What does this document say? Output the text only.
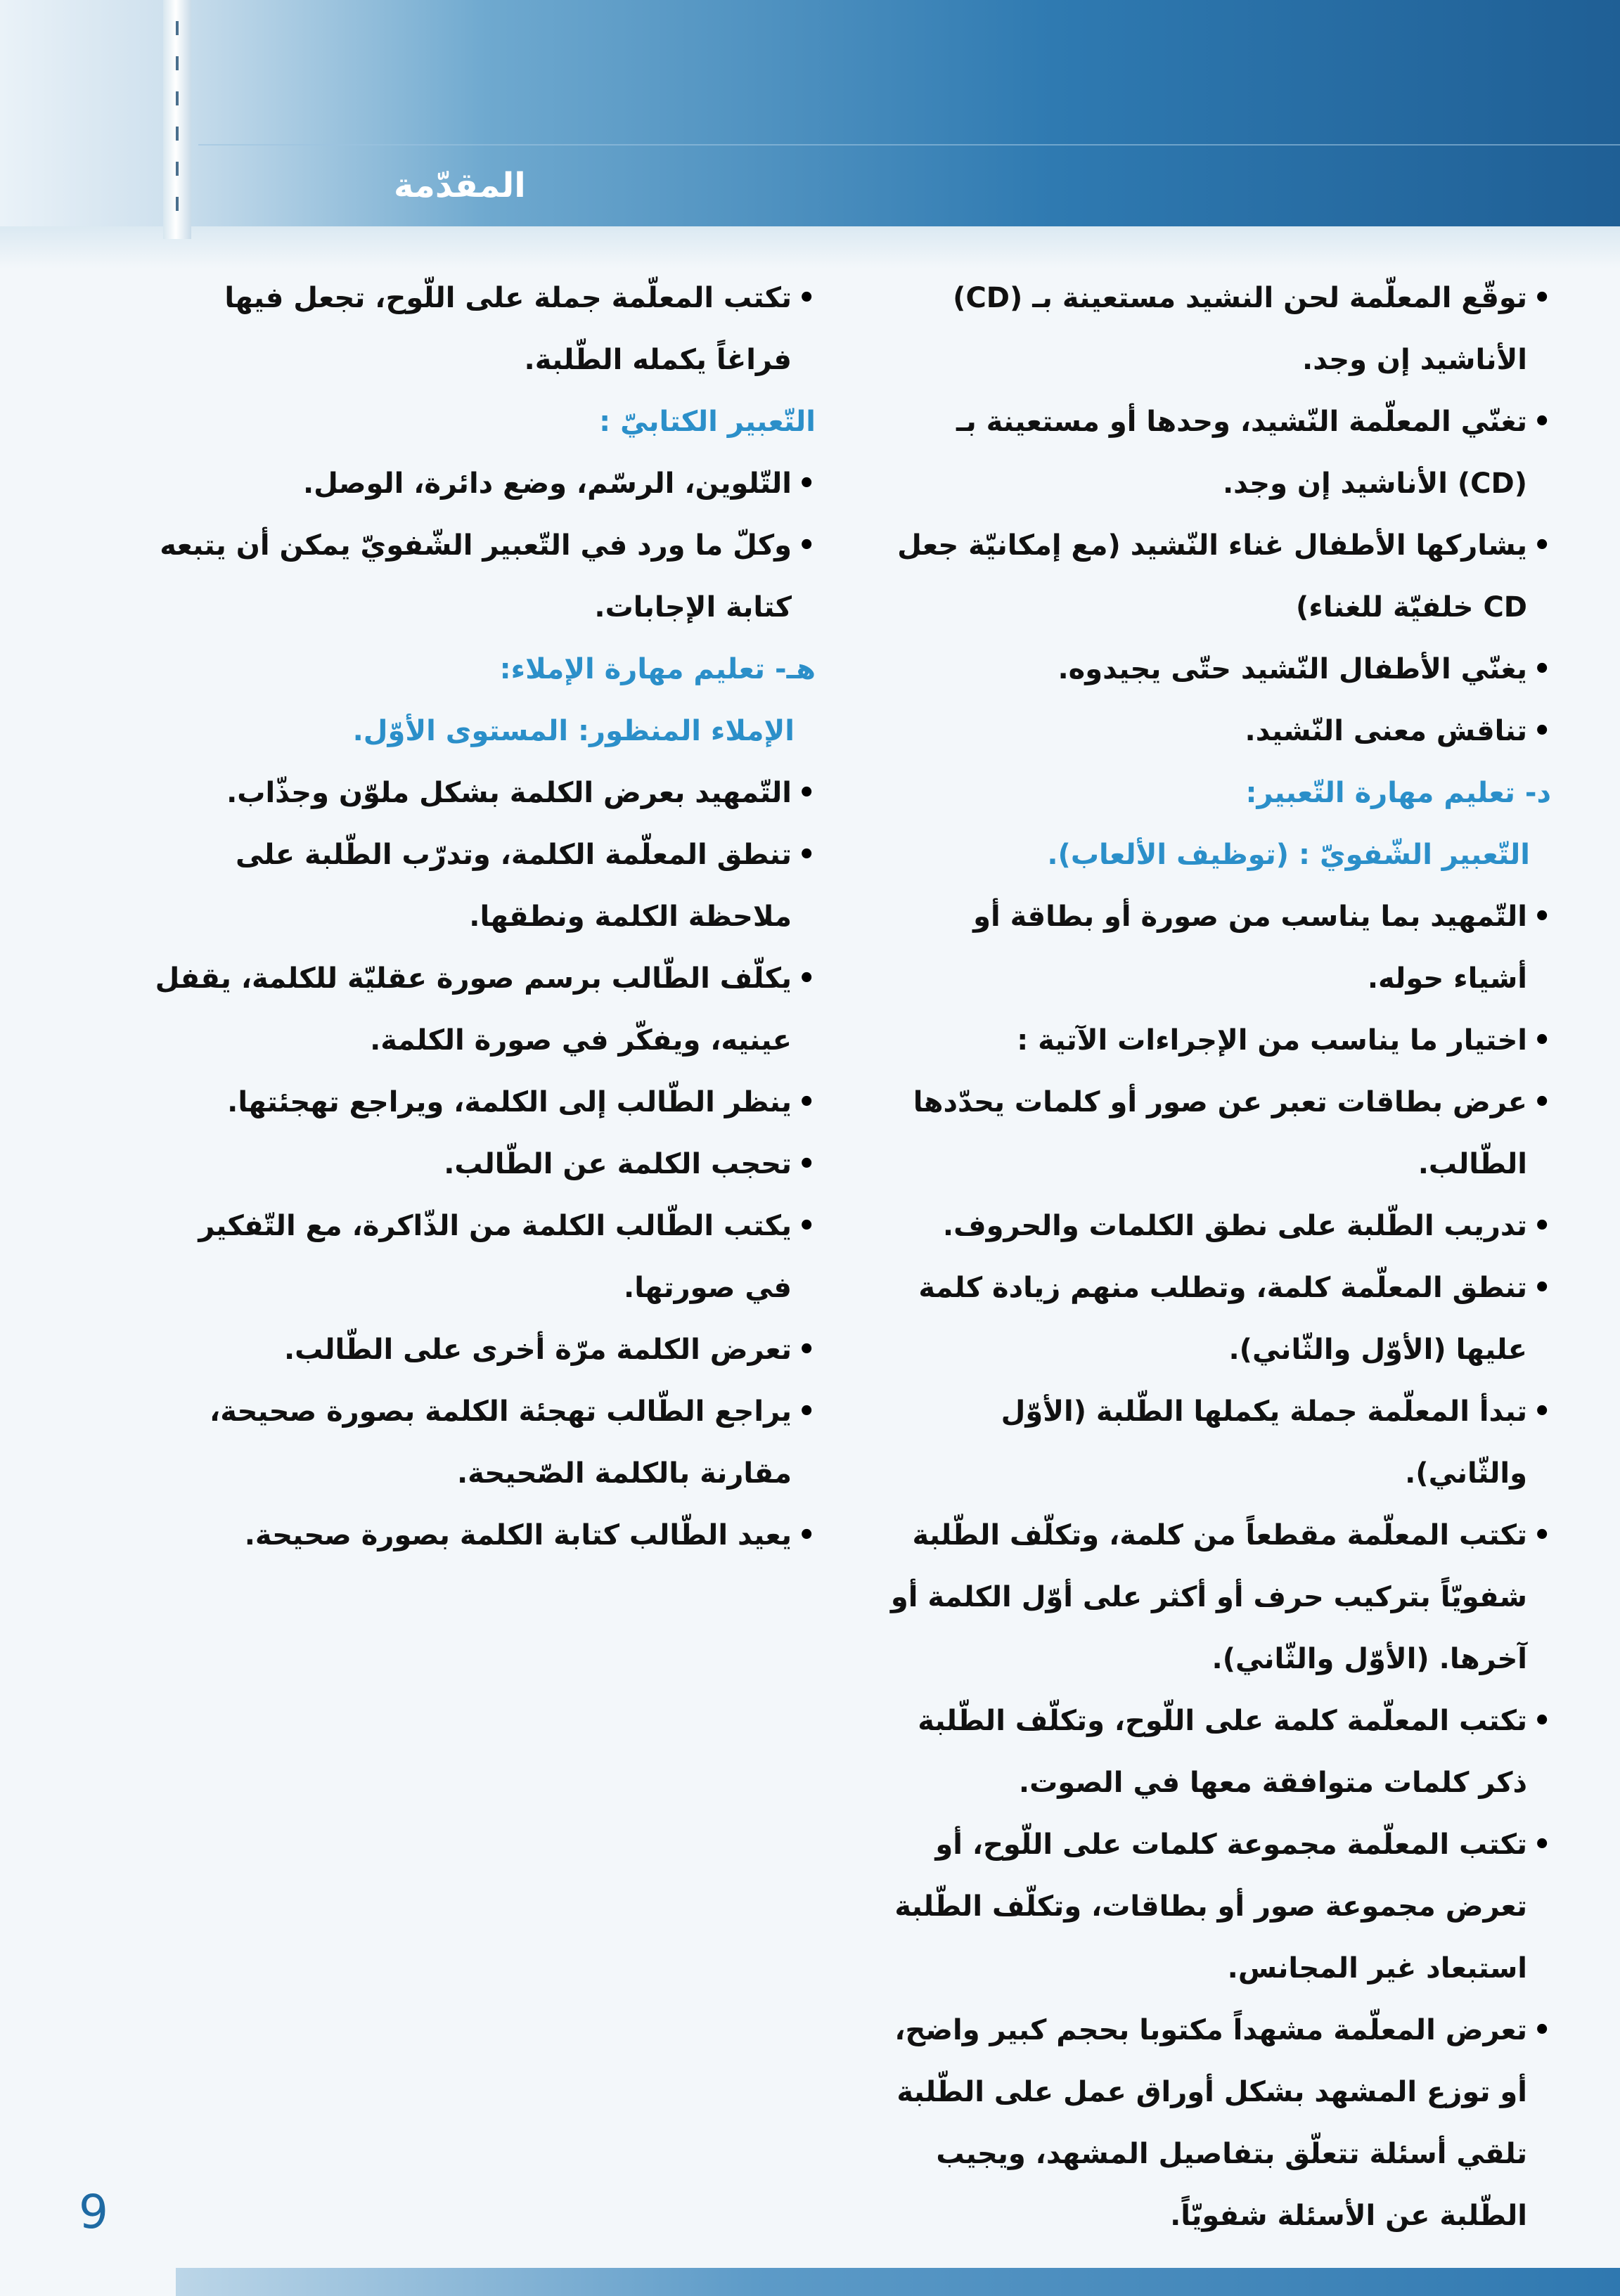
المقدّمة

•
توقّع المعلّمة لحن النشيد مستعينة بـ (CD) الأناشيد إن وجد.

•
تغنّي المعلّمة النّشيد، وحدها أو مستعينة بـ (CD) الأناشيد إن وجد.

•
يشاركها الأطفال غناء النّشيد (مع إمكانيّة جعل CD خلفيّة للغناء)

•
يغنّي الأطفال النّشيد حتّى يجيدوه.

•
تناقش معنى النّشيد.

د- تعليم مهارة التّعبير:

التّعبير الشّفويّ : (توظيف الألعاب).

•
التّمهيد بما يناسب من صورة أو بطاقة أو أشياء حوله.

•
اختيار ما يناسب من الإجراءات الآتية :

•
عرض بطاقات تعبر عن صور أو كلمات يحدّدها الطّالب.

•
تدريب الطّلبة على نطق الكلمات والحروف.

•
تنطق المعلّمة كلمة، وتطلب منهم زيادة كلمة عليها (الأوّل والثّاني).

•
تبدأ المعلّمة جملة يكملها الطّلبة (الأوّل والثّاني).

•
تكتب المعلّمة مقطعاً من كلمة، وتكلّف الطّلبة شفويّاً بتركيب حرف أو أكثر على أوّل الكلمة أو آخرها. (الأوّل والثّاني).

•
تكتب المعلّمة كلمة على اللّوح، وتكلّف الطّلبة ذكر كلمات متوافقة معها في الصوت.

•
تكتب المعلّمة مجموعة كلمات على اللّوح، أو تعرض مجموعة صور أو بطاقات، وتكلّف الطّلبة استبعاد غير المجانس.

•
تعرض المعلّمة مشهداً مكتوبا بحجم كبير واضح، أو توزع المشهد بشكل أوراق عمل على الطّلبة تلقي أسئلة تتعلّق بتفاصيل المشهد، ويجيب الطّلبة عن الأسئلة شفويّاً.

•
تكتب المعلّمة جملة على اللّوح، تجعل فيها فراغاً يكمله الطّلبة.

التّعبير الكتابيّ :

•
التّلوين، الرسّم، وضع دائرة، الوصل.

•
وكلّ ما ورد في التّعبير الشّفويّ يمكن أن يتبعه كتابة الإجابات.

هـ- تعليم مهارة الإملاء:

الإملاء المنظور: المستوى الأوّل.

•
التّمهيد بعرض الكلمة بشكل ملوّن وجذّاب.

•
تنطق المعلّمة الكلمة، وتدرّب الطّلبة على ملاحظة الكلمة ونطقها.

•
يكلّف الطّالب برسم صورة عقليّة للكلمة، يقفل عينيه، ويفكّر في صورة الكلمة.

•
ينظر الطّالب إلى الكلمة، ويراجع تهجئتها.

•
تحجب الكلمة عن الطّالب.

•
يكتب الطّالب الكلمة من الذّاكرة، مع التّفكير في صورتها.

•
تعرض الكلمة مرّة أخرى على الطّالب.

•
يراجع الطّالب تهجئة الكلمة بصورة صحيحة، مقارنة بالكلمة الصّحيحة.

•
يعيد الطّالب كتابة الكلمة بصورة صحيحة.

9
